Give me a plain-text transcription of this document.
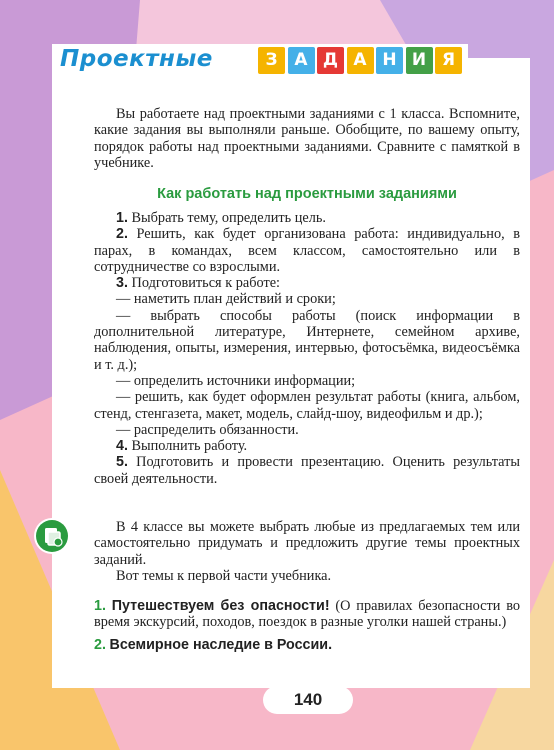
Проектные	З А Д А Н И Я

Вы работаете над проектными заданиями с 1 класса. Вспомните, какие задания вы выполняли раньше. Обобщите, по вашему опыту, порядок работы над проектными заданиями. Сравните с памяткой в учебнике.

Как работать над проектными заданиями

1. Выбрать тему, определить цель.

2. Решить, как будет организована работа: индивидуально, в парах, в командах, всем классом, самостоятельно или в сотрудничестве со взрослыми.

3. Подготовиться к работе:

— наметить план действий и сроки;

— выбрать способы работы (поиск информации в дополнительной литературе, Интернете, семейном архиве, наблюдения, опыты, измерения, интервью, фотосъёмка, видеосъёмка и т. д.);

— определить источники информации;

— решить, как будет оформлен результат работы (книга, альбом, стенд, стенгазета, макет, модель, слайд-шоу, видеофильм и др.);

— распределить обязанности.

4. Выполнить работу.

5. Подготовить и провести презентацию. Оценить результаты своей деятельности.

В 4 классе вы можете выбрать любые из предлагаемых тем или самостоятельно придумать и предложить другие темы проектных заданий.

Вот темы к первой части учебника.

1. Путешествуем без опасности! (О правилах безопасности во время экскурсий, походов, поездок в разные уголки нашей страны.)

2. Всемирное наследие в России.

140
